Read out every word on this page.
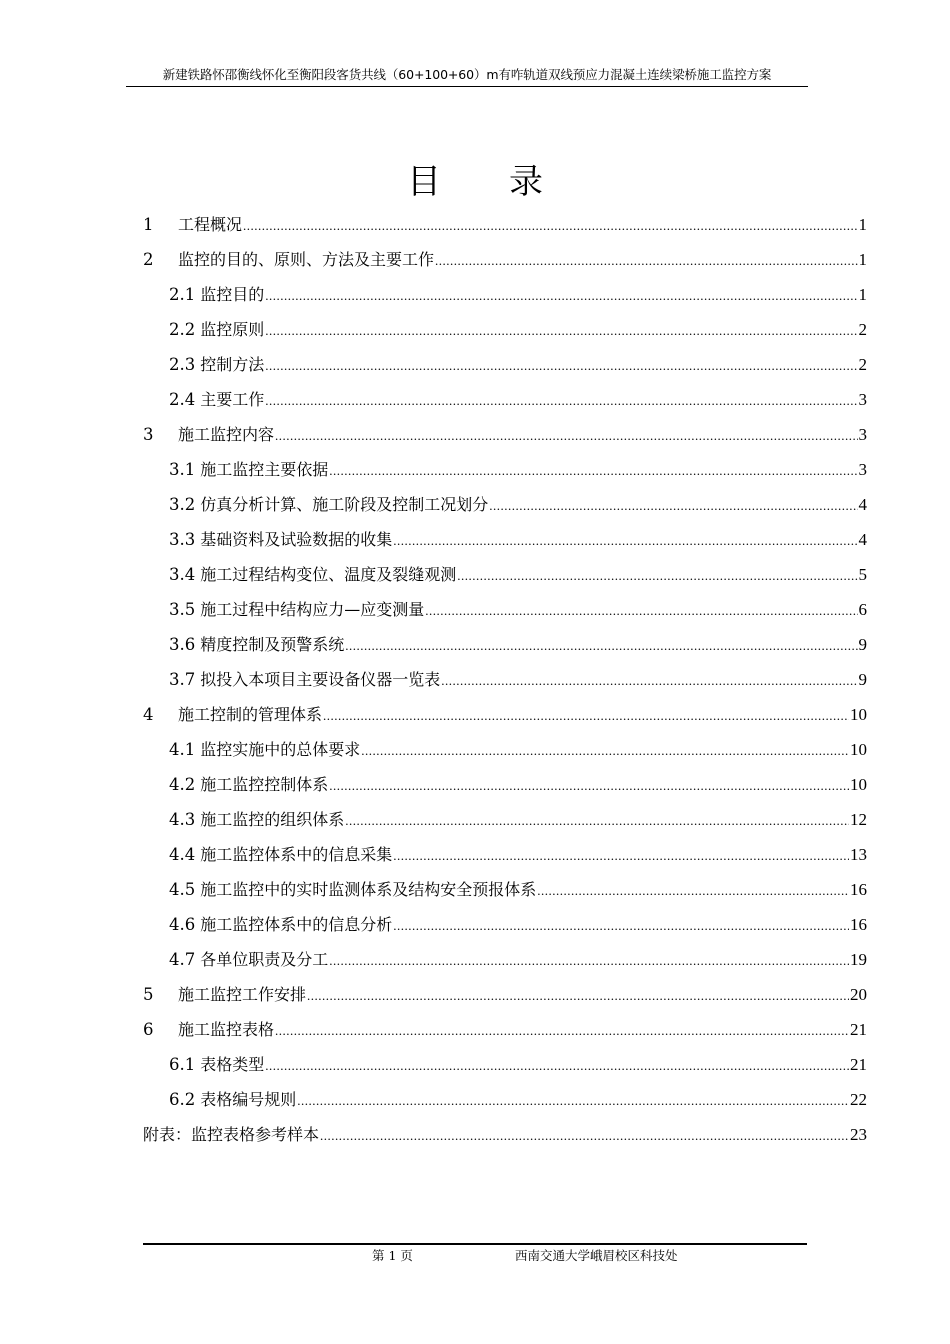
新建铁路怀邵衡线怀化至衡阳段客货共线（60+100+60）m有咋轨道双线预应力混凝土连续梁桥施工监控方案
目　　录
1	工程概况 .....	1
2	监控的目的、原则、方法及主要工作 .....	1
2.1 监控目的 .....	1
2.2 监控原则 .....	2
2.3 控制方法 .....	2
2.4 主要工作 .....	3
3	施工监控内容 .....	3
3.1 施工监控主要依据 .....	3
3.2 仿真分析计算、施工阶段及控制工况划分 .....	4
3.3 基础资料及试验数据的收集 .....	4
3.4 施工过程结构变位、温度及裂缝观测 .....	5
3.5 施工过程中结构应力—应变测量 .....	6
3.6 精度控制及预警系统 .....	9
3.7 拟投入本项目主要设备仪器一览表 .....	9
4	施工控制的管理体系 .....	10
4.1 监控实施中的总体要求 .....	10
4.2 施工监控控制体系 .....	10
4.3 施工监控的组织体系 .....	12
4.4 施工监控体系中的信息采集 .....	13
4.5 施工监控中的实时监测体系及结构安全预报体系 .....	16
4.6 施工监控体系中的信息分析 .....	16
4.7 各单位职责及分工 .....	19
5	施工监控工作安排 .....	20
6	施工监控表格 .....	21
6.1 表格类型 .....	21
6.2 表格编号规则 .....	22
附表：监控表格参考样本 .....	23
第 1 页	西南交通大学峨眉校区科技处
